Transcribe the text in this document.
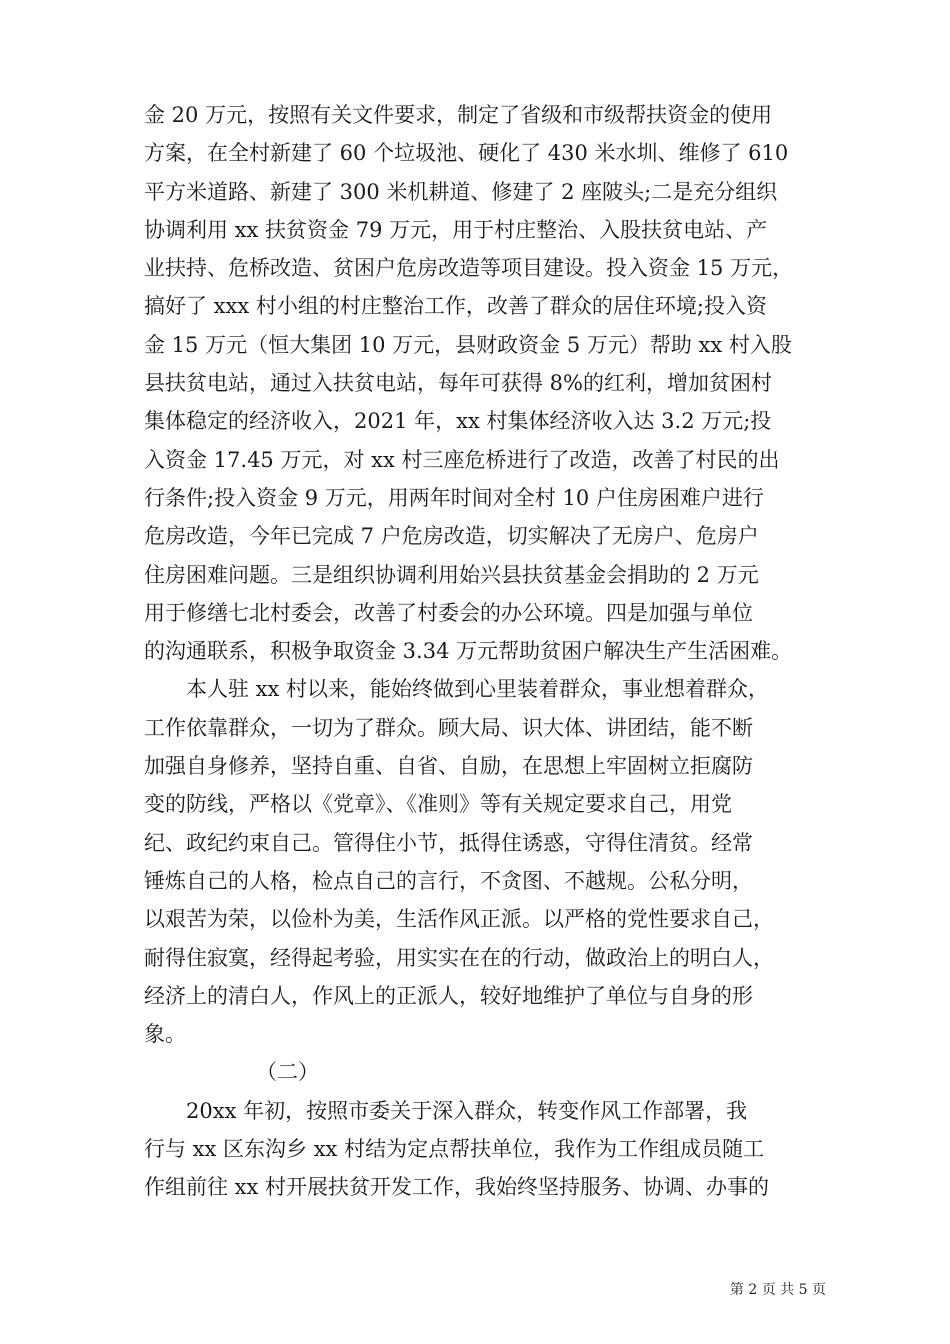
金 20 万元，按照有关文件要求，制定了省级和市级帮扶资金的使用
方案，在全村新建了 60 个垃圾池、硬化了 430 米水圳、维修了 610
平方米道路、新建了 300 米机耕道、修建了 2 座陂头;二是充分组织
协调利用 xx 扶贫资金 79 万元，用于村庄整治、入股扶贫电站、产
业扶持、危桥改造、贫困户危房改造等项目建设。投入资金 15 万元，
搞好了 xxx 村小组的村庄整治工作，改善了群众的居住环境;投入资
金 15 万元（恒大集团 10 万元，县财政资金 5 万元）帮助 xx 村入股
县扶贫电站，通过入扶贫电站，每年可获得 8%的红利，增加贫困村
集体稳定的经济收入，2021 年，xx 村集体经济收入达 3.2 万元;投
入资金 17.45 万元，对 xx 村三座危桥进行了改造，改善了村民的出
行条件;投入资金 9 万元，用两年时间对全村 10 户住房困难户进行
危房改造，今年已完成 7 户危房改造，切实解决了无房户、危房户
住房困难问题。三是组织协调利用始兴县扶贫基金会捐助的 2 万元
用于修缮七北村委会，改善了村委会的办公环境。四是加强与单位
的沟通联系，积极争取资金 3.34 万元帮助贫困户解决生产生活困难。
本人驻 xx 村以来，能始终做到心里装着群众，事业想着群众，
工作依靠群众，一切为了群众。顾大局、识大体、讲团结，能不断
加强自身修养，坚持自重、自省、自励，在思想上牢固树立拒腐防
变的防线，严格以《党章》、《准则》等有关规定要求自己，用党
纪、政纪约束自己。管得住小节，抵得住诱惑，守得住清贫。经常
锤炼自己的人格，检点自己的言行，不贪图、不越规。公私分明，
以艰苦为荣，以俭朴为美，生活作风正派。以严格的党性要求自己，
耐得住寂寞，经得起考验，用实实在在的行动，做政治上的明白人，
经济上的清白人，作风上的正派人，较好地维护了单位与自身的形
象。
（二）
20xx 年初，按照市委关于深入群众，转变作风工作部署，我
行与 xx 区东沟乡 xx 村结为定点帮扶单位，我作为工作组成员随工
作组前往 xx 村开展扶贫开发工作，我始终坚持服务、协调、办事的
第 2 页 共 5 页
